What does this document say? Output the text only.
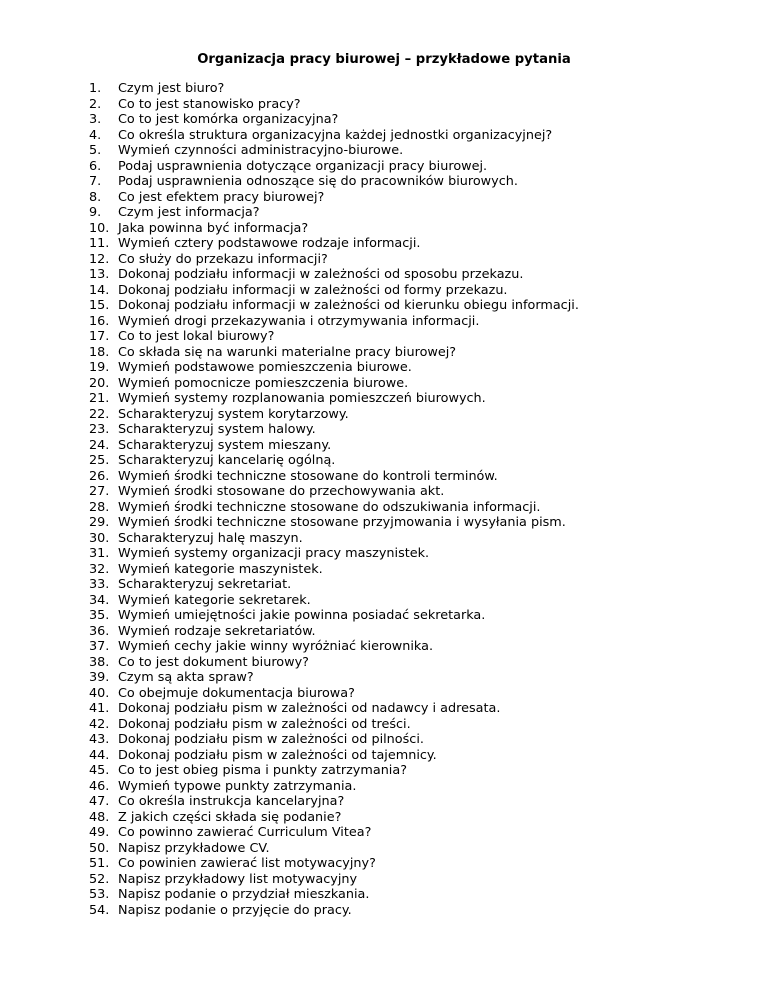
Organizacja pracy biurowej – przykładowe pytania
1.	Czym jest biuro?
2.	Co to jest stanowisko pracy?
3.	Co to jest komórka organizacyjna?
4.	Co określa struktura organizacyjna każdej jednostki organizacyjnej?
5.	Wymień czynności administracyjno-biurowe.
6.	Podaj usprawnienia dotyczące organizacji pracy biurowej.
7.	Podaj usprawnienia odnoszące się do pracowników biurowych.
8.	Co jest efektem pracy biurowej?
9.	Czym jest informacja?
10. Jaka powinna być informacja?
11. Wymień cztery podstawowe rodzaje informacji.
12. Co służy do przekazu informacji?
13. Dokonaj podziału informacji w zależności od sposobu przekazu.
14. Dokonaj podziału informacji w zależności od formy przekazu.
15. Dokonaj podziału informacji w zależności od kierunku obiegu informacji.
16. Wymień drogi przekazywania i otrzymywania informacji.
17. Co to jest lokal biurowy?
18. Co składa się na warunki materialne pracy biurowej?
19. Wymień podstawowe pomieszczenia biurowe.
20. Wymień pomocnicze pomieszczenia biurowe.
21. Wymień systemy rozplanowania pomieszczeń biurowych.
22. Scharakteryzuj system korytarzowy.
23. Scharakteryzuj system halowy.
24. Scharakteryzuj system mieszany.
25. Scharakteryzuj kancelarię ogólną.
26. Wymień środki techniczne stosowane do kontroli terminów.
27. Wymień środki stosowane do przechowywania akt.
28. Wymień środki techniczne stosowane do odszukiwania informacji.
29. Wymień środki techniczne stosowane przyjmowania i wysyłania pism.
30. Scharakteryzuj halę maszyn.
31. Wymień systemy organizacji pracy maszynistek.
32. Wymień kategorie maszynistek.
33. Scharakteryzuj sekretariat.
34. Wymień kategorie sekretarek.
35. Wymień umiejętności jakie powinna posiadać sekretarka.
36. Wymień rodzaje sekretariatów.
37. Wymień cechy jakie winny wyróżniać kierownika.
38. Co to jest dokument biurowy?
39. Czym są akta spraw?
40. Co obejmuje dokumentacja biurowa?
41. Dokonaj podziału pism w zależności od nadawcy i adresata.
42. Dokonaj podziału pism w zależności od treści.
43. Dokonaj podziału pism w zależności od pilności.
44. Dokonaj podziału pism w zależności od tajemnicy.
45. Co to jest obieg pisma i punkty zatrzymania?
46. Wymień typowe punkty zatrzymania.
47. Co określa instrukcja kancelaryjna?
48. Z jakich części składa się podanie?
49. Co powinno zawierać Curriculum Vitea?
50. Napisz przykładowe CV.
51. Co powinien zawierać list motywacyjny?
52. Napisz przykładowy list motywacyjny
53. Napisz podanie o przydział mieszkania.
54. Napisz podanie o przyjęcie do pracy.
